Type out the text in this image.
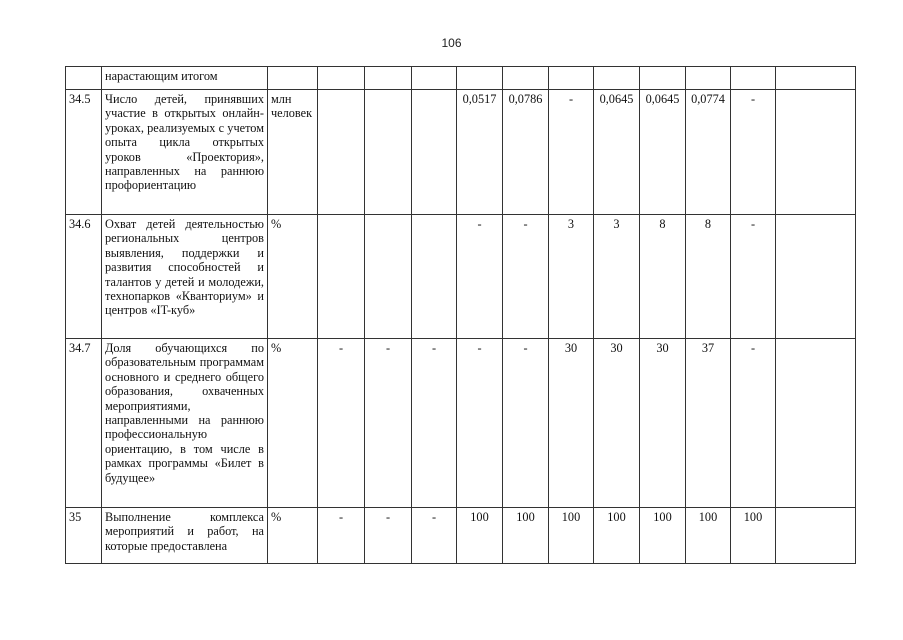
106
	нарастающим итогом												
34.5	Число детей, принявших участие в открытых онлайн-уроках, реализуемых с учетом опыта цикла открытых уроков «Проектория», направленных на раннюю профориентацию	млн человек				0,0517	0,0786	-	0,0645	0,0645	0,0774	-	
34.6	Охват детей деятельностью региональных центров выявления, поддержки и развития способностей и талантов у детей и молодежи, технопарков «Кванториум» и центров «IT-куб»	%				-	-	3	3	8	8	-	
34.7	Доля обучающихся по образовательным программам основного и среднего общего образования, охваченных мероприятиями, направленными на раннюю профессиональную ориентацию, в том числе в рамках программы «Билет в будущее»	%	-	-	-	-	-	30	30	30	37	-	
35	Выполнение комплекса мероприятий и работ, на которые предоставлена	%	-	-	-	100	100	100	100	100	100	100	
